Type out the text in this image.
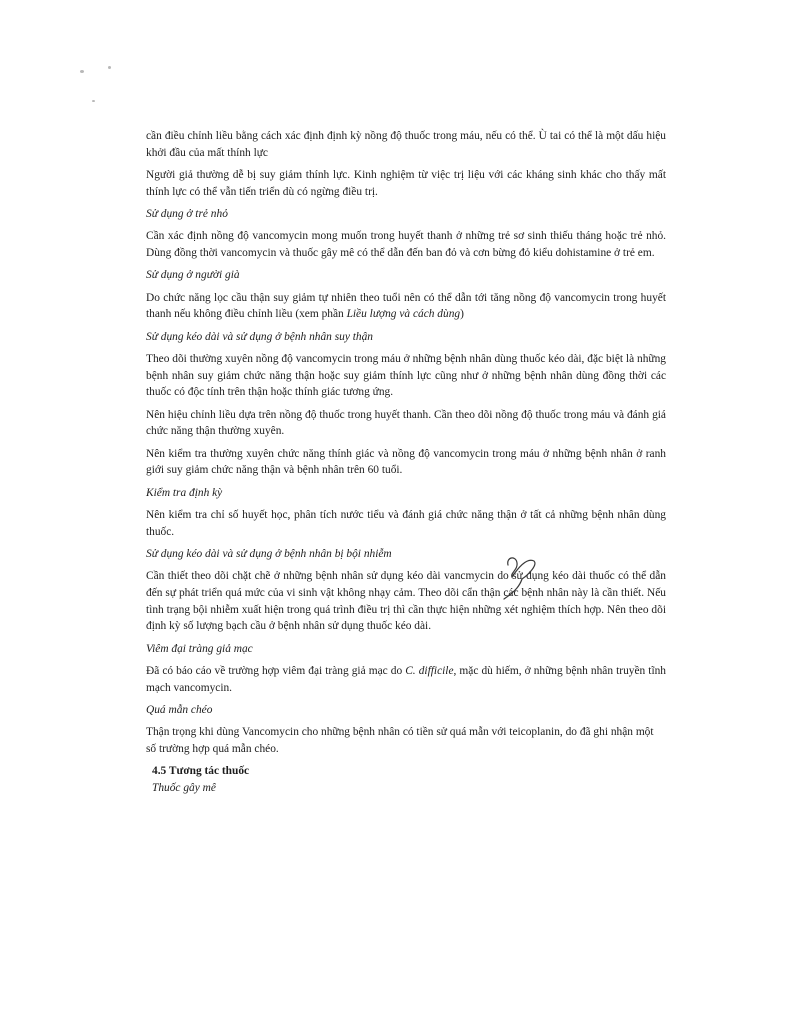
cần điều chỉnh liều bằng cách xác định định kỳ nồng độ thuốc trong máu, nếu có thể. Ù tai có thể là một dấu hiệu khởi đầu của mất thính lực

Người giả thường dễ bị suy giảm thính lực. Kinh nghiệm từ việc trị liệu với các kháng sinh khác cho thấy mất thính lực có thể vẫn tiến triển dù có ngừng điều trị.

Sử dụng ở trẻ nhỏ

Cần xác định nồng độ vancomycin mong muốn trong huyết thanh ở những trẻ sơ sinh thiếu tháng hoặc trẻ nhỏ. Dùng đồng thời vancomycin và thuốc gây mê có thể dẫn đến ban đỏ và cơn bừng đỏ kiểu dohistamine ở trẻ em.

Sử dụng ở người già

Do chức năng lọc cầu thận suy giảm tự nhiên theo tuổi nên có thể dẫn tới tăng nồng độ vancomycin trong huyết thanh nếu không điều chỉnh liều (xem phần Liều lượng và cách dùng)

Sử dụng kéo dài và sử dụng ở bệnh nhân suy thận

Theo dõi thường xuyên nồng độ vancomycin trong máu ở những bệnh nhân dùng thuốc kéo dài, đặc biệt là những bệnh nhân suy giảm chức năng thận hoặc suy giảm thính lực cũng như ở những bệnh nhân dùng đồng thời các thuốc có độc tính trên thận hoặc thính giác tương ứng.

Nên hiệu chỉnh liều dựa trên nồng độ thuốc trong huyết thanh. Cần theo dõi nồng độ thuốc trong máu và đánh giá chức năng thận thường xuyên.

Nên kiểm tra thường xuyên chức năng thính giác và nồng độ vancomycin trong máu ở những bệnh nhân ở ranh giới suy giảm chức năng thận và bệnh nhân trên 60 tuổi.

Kiểm tra định kỳ

Nên kiểm tra chỉ số huyết học, phân tích nước tiểu và đánh giá chức năng thận ở tất cả những bệnh nhân dùng thuốc.

Sử dụng kéo dài và sử dụng ở bệnh nhân bị bội nhiễm

Cần thiết theo dõi chặt chẽ ở những bệnh nhân sử dụng kéo dài vancmycin do sử dụng kéo dài thuốc có thể dẫn đến sự phát triển quá mức của vi sinh vật không nhạy cảm. Theo dõi cẩn thận các bệnh nhân này là cần thiết. Nếu tình trạng bội nhiễm xuất hiện trong quá trình điều trị thì cần thực hiện những xét nghiệm thích hợp. Nên theo dõi định kỳ số lượng bạch cầu ở bệnh nhân sử dụng thuốc kéo dài.

Viêm đại tràng giả mạc

Đã có báo cáo về trường hợp viêm đại tràng giả mạc do C. difficile, mặc dù hiếm, ở những bệnh nhân truyền tĩnh mạch vancomycin.

Quá mẫn chéo

Thận trọng khi dùng Vancomycin cho những bệnh nhân có tiền sử quá mẫn với teicoplanin, do đã ghi nhận một số trường hợp quá mẫn chéo.

4.5 Tương tác thuốc

Thuốc gây mê
